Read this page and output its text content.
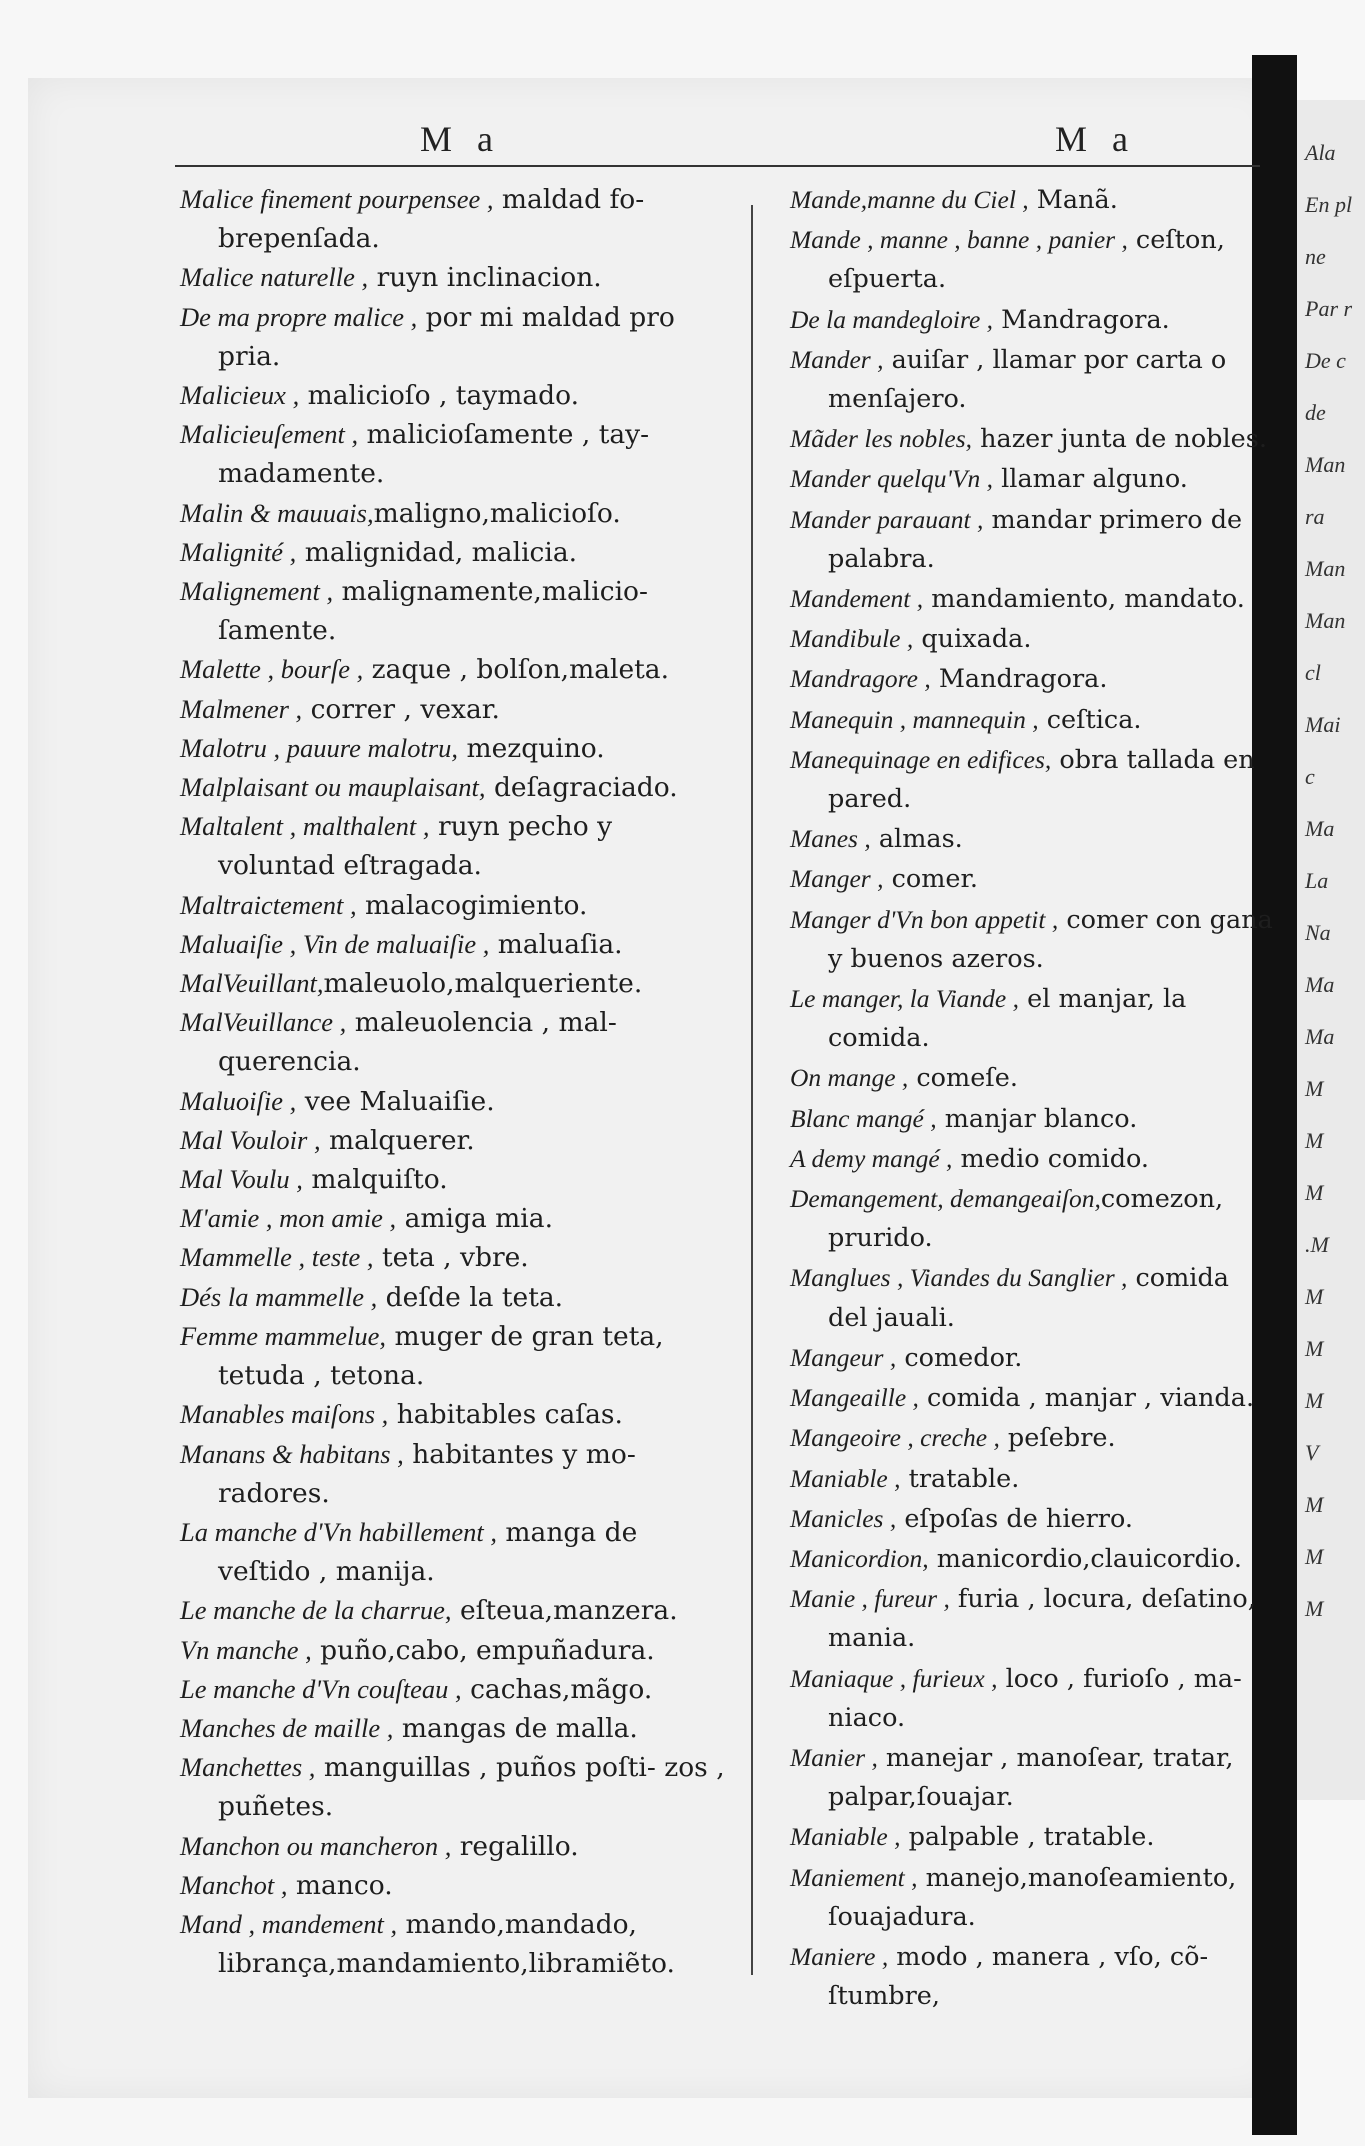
Ala
En pl
ne
Par r
De c
de
Man
ra
Man
Man
cl
Mai
c
Ma
La
Na
Ma
Ma
M
M
M
.M
M
M
M
V
M
M
M
M a	M a

Malice finement pourpensee , maldad fo- brepenſada.

Malice naturelle , ruyn inclinacion.

De ma propre malice , por mi maldad pro pria.

Malicieux , malicioſo , taymado.

Malicieuſement , malicioſamente , tay- madamente.

Malin & mauuais,maligno,malicioſo.

Malignité , malignidad, malicia.

Malignement , malignamente,malicio- ſamente.

Malette , bourſe , zaque , bolſon,maleta.

Malmener , correr , vexar.

Malotru , pauure malotru, mezquino.

Malplaisant ou mauplaisant, deſagraciado.

Maltalent , malthalent , ruyn pecho y voluntad eſtragada.

Maltraictement , malacogimiento.

Maluaiſie , Vin de maluaiſie , maluaſia.

MalVeuillant,maleuolo,malqueriente.

MalVeuillance , maleuolencia , mal- querencia.

Maluoiſie , vee Maluaiſie.

Mal Vouloir , malquerer.

Mal Voulu , malquiſto.

M'amie , mon amie , amiga mia.

Mammelle , teste , teta , vbre.

Dés la mammelle , deſde la teta.

Femme mammelue, muger de gran teta, tetuda , tetona.

Manables maiſons , habitables caſas.

Manans & habitans , habitantes y mo- radores.

La manche d'Vn habillement , manga de veſtido , manija.

Le manche de la charrue, eſteua,manzera.

Vn manche , puño,cabo, empuñadura.

Le manche d'Vn couſteau , cachas,mãgo.

Manches de maille , mangas de malla.

Manchettes , manguillas , puños poſti- zos , puñetes.

Manchon ou mancheron , regalillo.

Manchot , manco.

Mand , mandement , mando,mandado, librança,mandamiento,libramiẽto.

Mande,manne du Ciel , Manã.

Mande , manne , banne , panier , ceſton, eſpuerta.

De la mandegloire , Mandragora.

Mander , auiſar , llamar por carta o menſajero.

Mãder les nobles, hazer junta de nobles.

Mander quelqu'Vn , llamar alguno.

Mander parauant , mandar primero de palabra.

Mandement , mandamiento, mandato.

Mandibule , quixada.

Mandragore , Mandragora.

Manequin , mannequin , ceſtica.

Manequinage en edifices, obra tallada en pared.

Manes , almas.

Manger , comer.

Manger d'Vn bon appetit , comer con gana y buenos azeros.

Le manger, la Viande , el manjar, la comida.

On mange , comeſe.

Blanc mangé , manjar blanco.

A demy mangé , medio comido.

Demangement, demangeaiſon,comezon, prurido.

Manglues , Viandes du Sanglier , comida del jauali.

Mangeur , comedor.

Mangeaille , comida , manjar , vianda.

Mangeoire , creche , peſebre.

Maniable , tratable.

Manicles , eſpoſas de hierro.

Manicordion, manicordio,clauicordio.

Manie , fureur , furia , locura, deſatino, mania.

Maniaque , furieux , loco , furioſo , ma- niaco.

Manier , manejar , manoſear, tratar, palpar,ſouajar.

Maniable , palpable , tratable.

Maniement , manejo,manoſeamiento, ſouajadura.

Maniere , modo , manera , vſo, cõ- ſtumbre,
